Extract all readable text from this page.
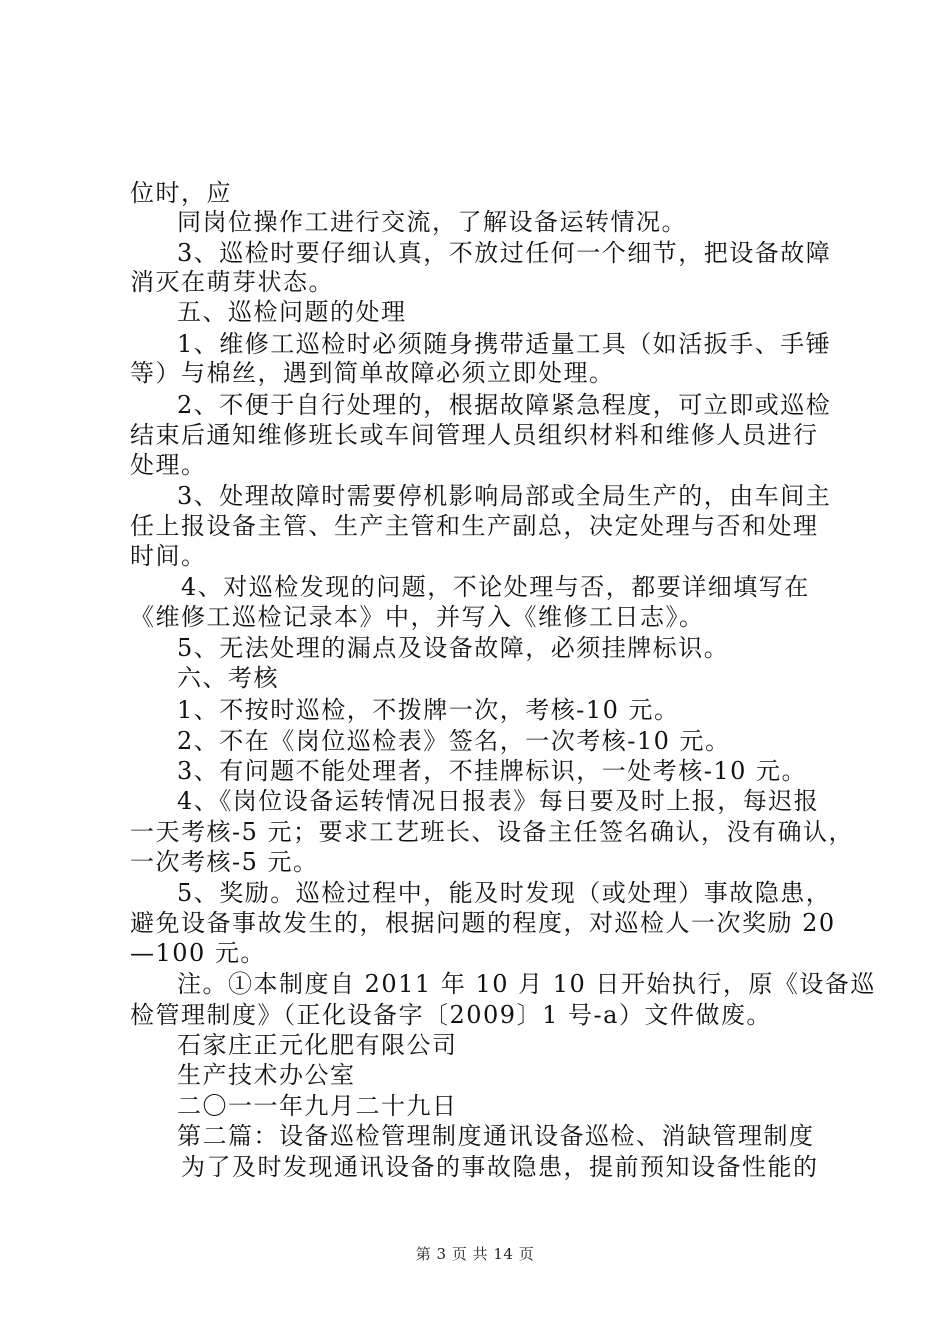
位时，应
同岗位操作工进行交流，了解设备运转情况。
3、巡检时要仔细认真，不放过任何一个细节，把设备故障
消灭在萌芽状态。
五、巡检问题的处理
1、维修工巡检时必须随身携带适量工具（如活扳手、手锤
等）与棉丝，遇到简单故障必须立即处理。
2、不便于自行处理的，根据故障紧急程度，可立即或巡检
结束后通知维修班长或车间管理人员组织材料和维修人员进行
处理。
3、处理故障时需要停机影响局部或全局生产的，由车间主
任上报设备主管、生产主管和生产副总，决定处理与否和处理
时间。
4、对巡检发现的问题，不论处理与否，都要详细填写在
《维修工巡检记录本》中，并写入《维修工日志》。
5、无法处理的漏点及设备故障，必须挂牌标识。
六、考核
1、不按时巡检，不拨牌一次，考核-10 元。
2、不在《岗位巡检表》签名，一次考核-10 元。
3、有问题不能处理者，不挂牌标识，一处考核-10 元。
4、《岗位设备运转情况日报表》每日要及时上报，每迟报
一天考核-5 元；要求工艺班长、设备主任签名确认，没有确认，
一次考核-5 元。
5、奖励。巡检过程中，能及时发现（或处理）事故隐患，
避免设备事故发生的，根据问题的程度，对巡检人一次奖励 20
—100 元。
注。①本制度自 2011 年 10 月 10 日开始执行，原《设备巡
检管理制度》（正化设备字〔2009〕1 号-a）文件做废。
石家庄正元化肥有限公司
生产技术办公室
二〇一一年九月二十九日
第二篇：设备巡检管理制度通讯设备巡检、消缺管理制度
为了及时发现通讯设备的事故隐患，提前预知设备性能的
第 3 页 共 14 页
